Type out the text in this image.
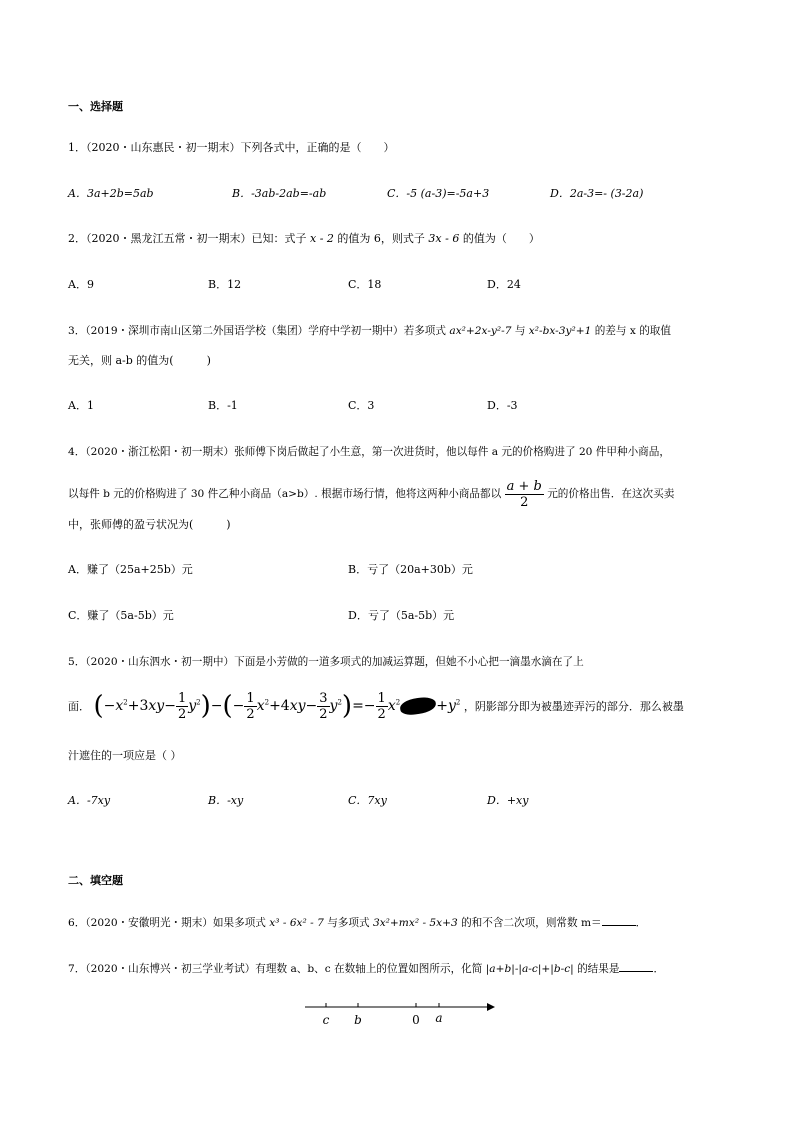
一、选择题
1．（2020・山东惠民・初一期末）下列各式中，正确的是（　　）
A．3a+2b=5ab	B．-3ab-2ab=-ab	C．-5 (a-3)=-5a+3	D．2a-3=- (3-2a)
2．（2020・黑龙江五常・初一期末）已知：式子 x - 2 的值为 6，则式子 3x - 6 的值为（　　）
A．9	B．12	C．18	D．24
3．（2019・深圳市南山区第二外国语学校（集团）学府中学初一期中）若多项式 ax²+2x-y²-7 与 x²-bx-3y²+1 的差与 x 的取值
无关，则 a-b 的值为(　　　)
A．1	B．-1	C．3	D．-3
4．（2020・浙江松阳・初一期末）张师傅下岗后做起了小生意，第一次进货时，他以每件 a 元的价格购进了 20 件甲种小商品，
以每件 b 元的价格购进了 30 件乙种小商品（a>b）. 根据市场行情，他将这两种小商品都以 $\frac{a + b}{2}$ 元的价格出售．在这次买卖
中，张师傅的盈亏状况为(　　　)
A．赚了（25a+25b）元	B．亏了（20a+30b）元
C．赚了（5a-5b）元	D．亏了（5a-5b）元
5．（2020・山东泗水・初一期中）下面是小芳做的一道多项式的加减运算题，但她不小心把一滴墨水滴在了上
面． $(-x^2+3xy- \frac{1}{2} y^2)-(- \frac{1}{2} x^2+4xy- \frac{3}{2} y^2)=- \frac{1}{2} x^2$	$+y^2$ ，阴影部分即为被墨迹弄污的部分．那么被墨
汁遮住的一项应是（ ）
A．-7xy	B．-xy	C．7xy	D．+xy
二、填空题
6．（2020・安徽明光・期末）如果多项式 x³ - 6x² - 7 与多项式 3x²+mx² - 5x+3 的和不含二次项，则常数 m＝	．
7．（2020・山东博兴・初三学业考试）有理数 a、b、c 在数轴上的位置如图所示，化简 |a+b|-|a-c|+|b-c| 的结果是	．
c b	0 a
